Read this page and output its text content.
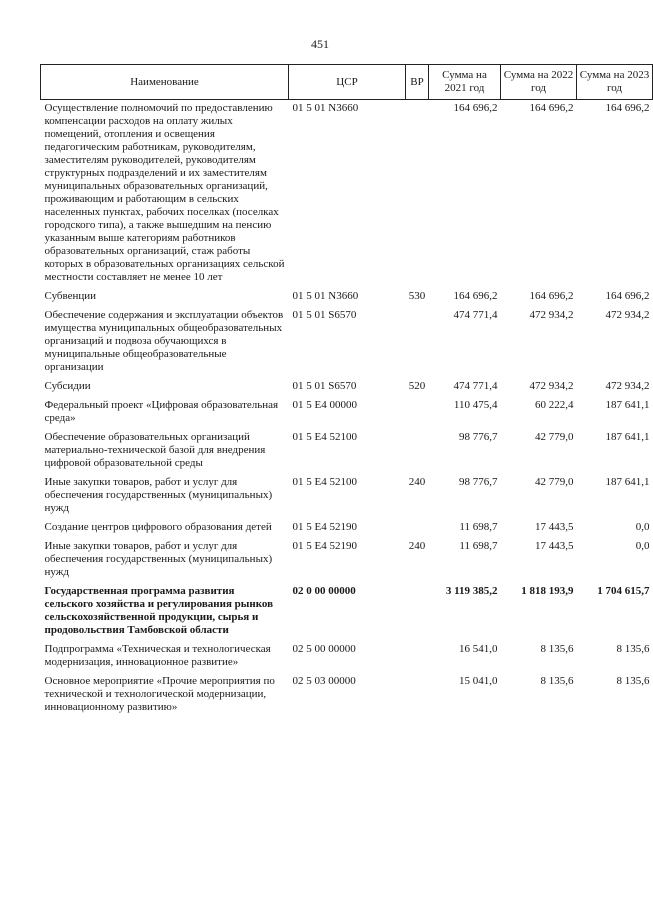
451
Наименование	ЦСР	ВР	Сумма на 2021 год	Сумма на 2022 год	Сумма на 2023 год
Осуществление полномочий по предоставлению компенсации расходов на оплату жилых помещений, отопления и освещения педагогическим работникам, руководителям, заместителям руководителей, руководителям структурных подразделений и их заместителям муниципальных образовательных организаций, проживающим и работающим в сельских населенных пунктах, рабочих поселках (поселках городского типа), а также вышедшим на пенсию указанным выше категориям работников образовательных организаций, стаж работы которых в образовательных организациях сельской местности составляет не менее 10 лет	01 5 01 N3660		164 696,2	164 696,2	164 696,2
Субвенции	01 5 01 N3660	530	164 696,2	164 696,2	164 696,2
Обеспечение содержания и эксплуатации объектов имущества муниципальных общеобразовательных организаций и подвоза обучающихся в муниципальные общеобразовательные организации	01 5 01 S6570		474 771,4	472 934,2	472 934,2
Субсидии	01 5 01 S6570	520	474 771,4	472 934,2	472 934,2
Федеральный проект «Цифровая образовательная среда»	01 5 E4 00000		110 475,4	60 222,4	187 641,1
Обеспечение образовательных организаций материально-технической базой для внедрения цифровой образовательной среды	01 5 E4 52100		98 776,7	42 779,0	187 641,1
Иные закупки товаров, работ и услуг для обеспечения государственных (муниципальных) нужд	01 5 E4 52100	240	98 776,7	42 779,0	187 641,1
Создание центров цифрового образования детей	01 5 E4 52190		11 698,7	17 443,5	0,0
Иные закупки товаров, работ и услуг для обеспечения государственных (муниципальных) нужд	01 5 E4 52190	240	11 698,7	17 443,5	0,0
Государственная программа развития сельского хозяйства и регулирования рынков сельскохозяйственной продукции, сырья и продовольствия Тамбовской области	02 0 00 00000		3 119 385,2	1 818 193,9	1 704 615,7
Подпрограмма «Техническая и технологическая модернизация, инновационное развитие»	02 5 00 00000		16 541,0	8 135,6	8 135,6
Основное мероприятие «Прочие мероприятия по технической и технологической модернизации, инновационному развитию»	02 5 03 00000		15 041,0	8 135,6	8 135,6
